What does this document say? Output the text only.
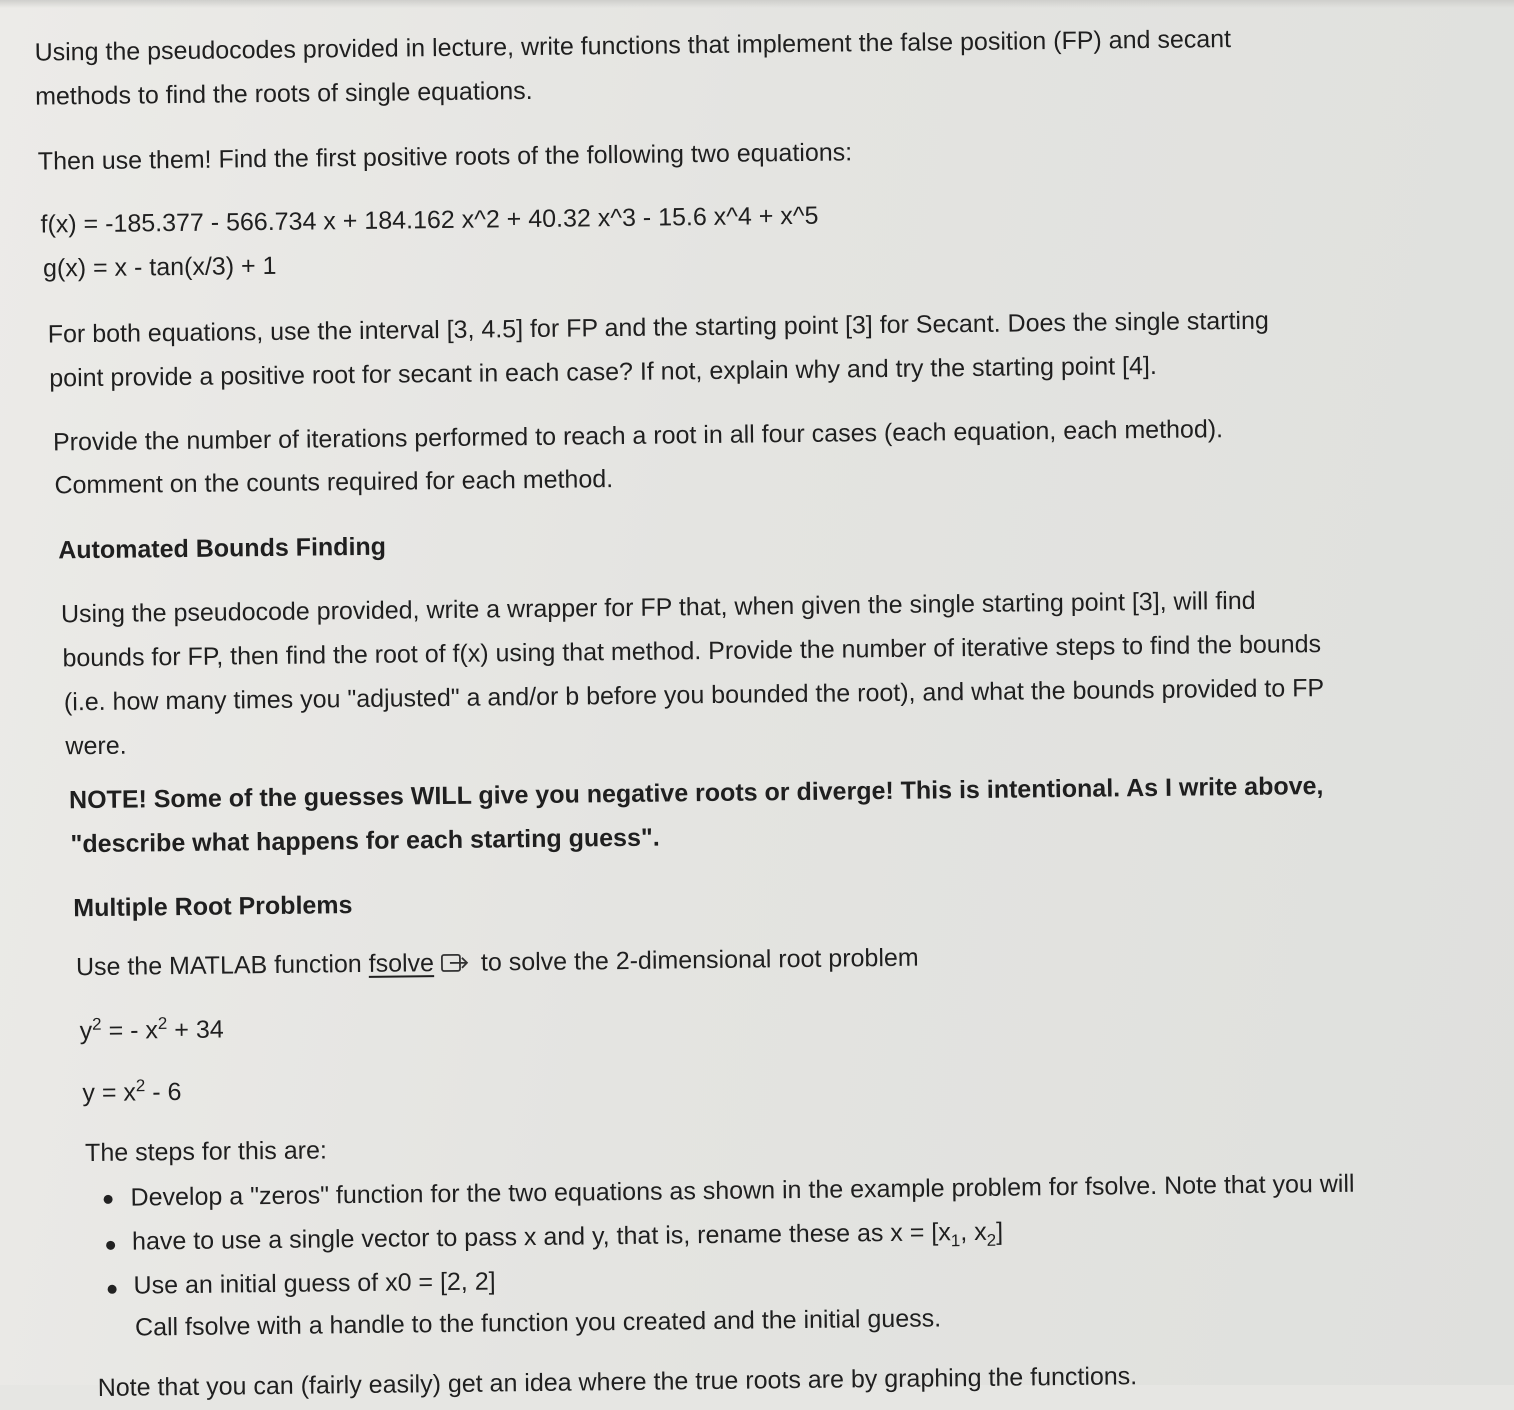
Using the pseudocodes provided in lecture, write functions that implement the false position (FP) and secant

methods to find the roots of single equations.

Then use them! Find the first positive roots of the following two equations:

f(x) = -185.377 - 566.734 x + 184.162 x^2 + 40.32 x^3 - 15.6 x^4 + x^5

g(x) = x - tan(x/3) + 1

For both equations, use the interval [3, 4.5] for FP and the starting point [3] for Secant. Does the single starting

point provide a positive root for secant in each case? If not, explain why and try the starting point [4].

Provide the number of iterations performed to reach a root in all four cases (each equation, each method).

Comment on the counts required for each method.

Automated Bounds Finding

Using the pseudocode provided, write a wrapper for FP that, when given the single starting point [3], will find

bounds for FP, then find the root of f(x) using that method. Provide the number of iterative steps to find the bounds

(i.e. how many times you "adjusted" a and/or b before you bounded the root), and what the bounds provided to FP

were.

NOTE! Some of the guesses WILL give you negative roots or diverge! This is intentional. As I write above,

"describe what happens for each starting guess".

Multiple Root Problems

Use the MATLAB function fsolve to solve the 2-dimensional root problem

$y^2$ = - $x^2 + 34$

$y = x^2 - 6$

The steps for this are:

Develop a "zeros" function for the two equations as shown in the example problem for fsolve. Note that you will

have to use a single vector to pass x and y, that is, rename these as $x = [x_1$, $x_2$]

Use an initial guess of x0 = [2, 2]

Call fsolve with a handle to the function you created and the initial guess.

Note that you can (fairly easily) get an idea where the true roots are by graphing the functions.
